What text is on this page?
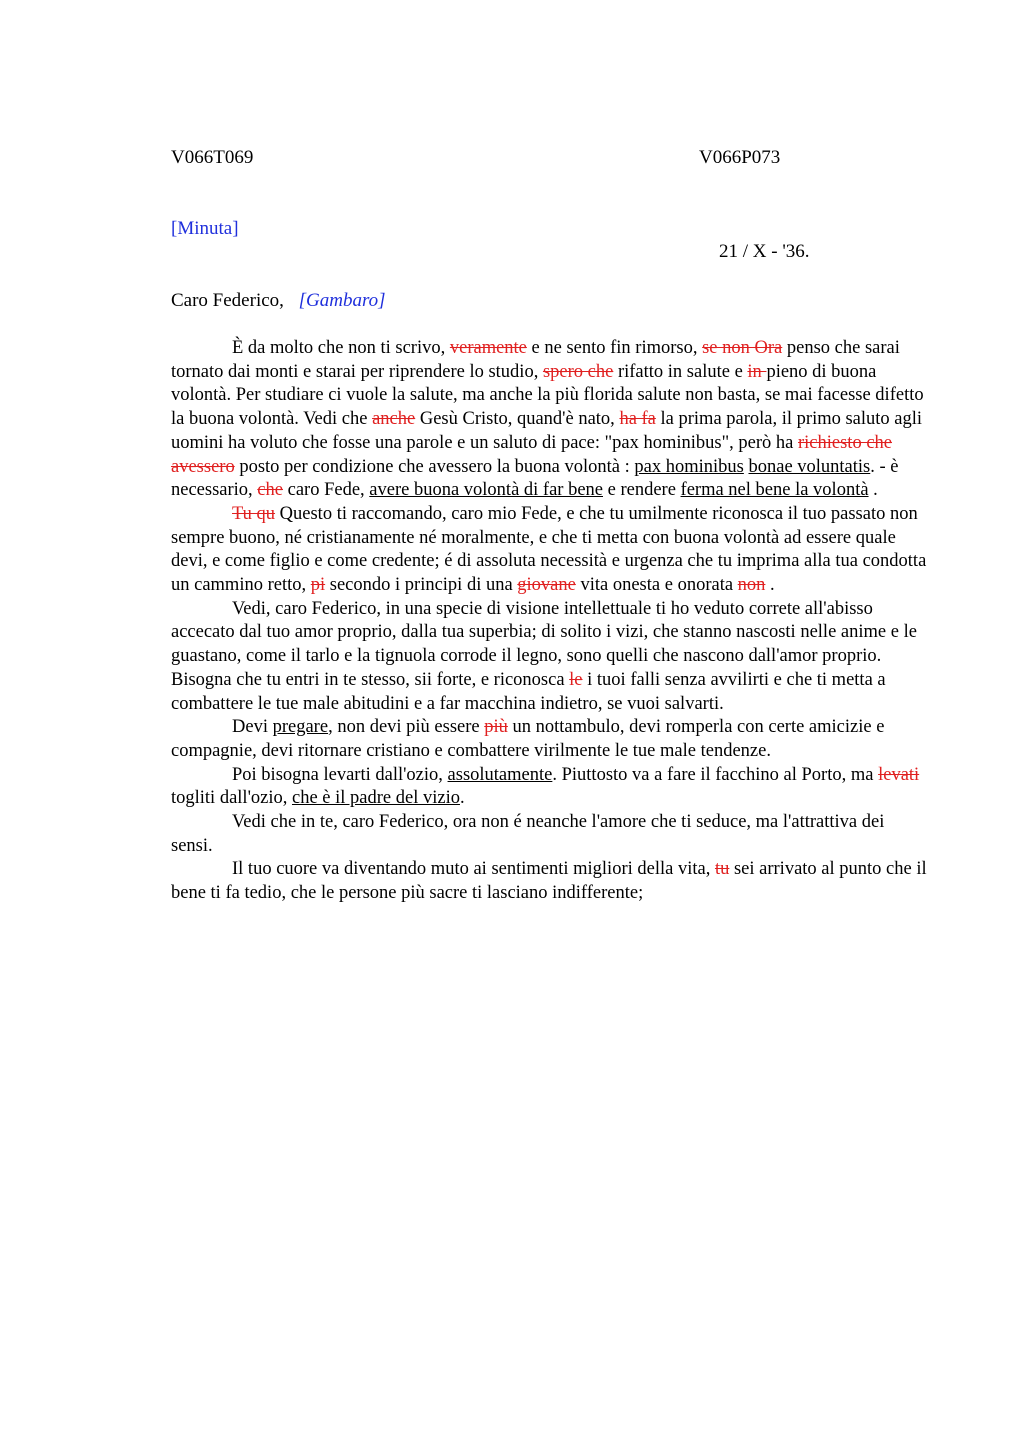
V066T069	V066P073
[Minuta]
21 / X - '36.
Caro Federico, [Gambaro]

È da molto che non ti scrivo, veramente e ne sento fin rimorso, se non Ora penso che sarai tornato dai monti e starai per riprendere lo studio, spero che rifatto in salute e in pieno di buona volontà. Per studiare ci vuole la salute, ma anche la più florida salute non basta, se mai facesse difetto la buona volontà. Vedi che anche Gesù Cristo, quand'è nato, ha fa la prima parola, il primo saluto agli uomini ha voluto che fosse una parole e un saluto di pace: "pax hominibus", però ha richiesto che avessero posto per condizione che avessero la buona volontà : pax hominibus bonae voluntatis. - è necessario, che caro Fede, avere buona volontà di far bene e rendere ferma nel bene la volontà .

Tu qu Questo ti raccomando, caro mio Fede, e che tu umilmente riconosca il tuo passato non sempre buono, né cristianamente né moralmente, e che ti metta con buona volontà ad essere quale devi, e come figlio e come credente; é di assoluta necessità e urgenza che tu imprima alla tua condotta un cammino retto, pi secondo i principi di una giovane vita onesta e onorata non .

Vedi, caro Federico, in una specie di visione intellettuale ti ho veduto correte all'abisso accecato dal tuo amor proprio, dalla tua superbia; di solito i vizi, che stanno nascosti nelle anime e le guastano, come il tarlo e la tignuola corrode il legno, sono quelli che nascono dall'amor proprio. Bisogna che tu entri in te stesso, sii forte, e riconosca le i tuoi falli senza avvilirti e che ti metta a combattere le tue male abitudini e a far macchina indietro, se vuoi salvarti.

Devi pregare, non devi più essere più un nottambulo, devi romperla con certe amicizie e compagnie, devi ritornare cristiano e combattere virilmente le tue male tendenze.

Poi bisogna levarti dall'ozio, assolutamente. Piuttosto va a fare il facchino al Porto, ma levati togliti dall'ozio, che è il padre del vizio.

Vedi che in te, caro Federico, ora non é neanche l'amore che ti seduce, ma l'attrattiva dei sensi.

Il tuo cuore va diventando muto ai sentimenti migliori della vita, tu sei arrivato al punto che il bene ti fa tedio, che le persone più sacre ti lasciano indifferente;
